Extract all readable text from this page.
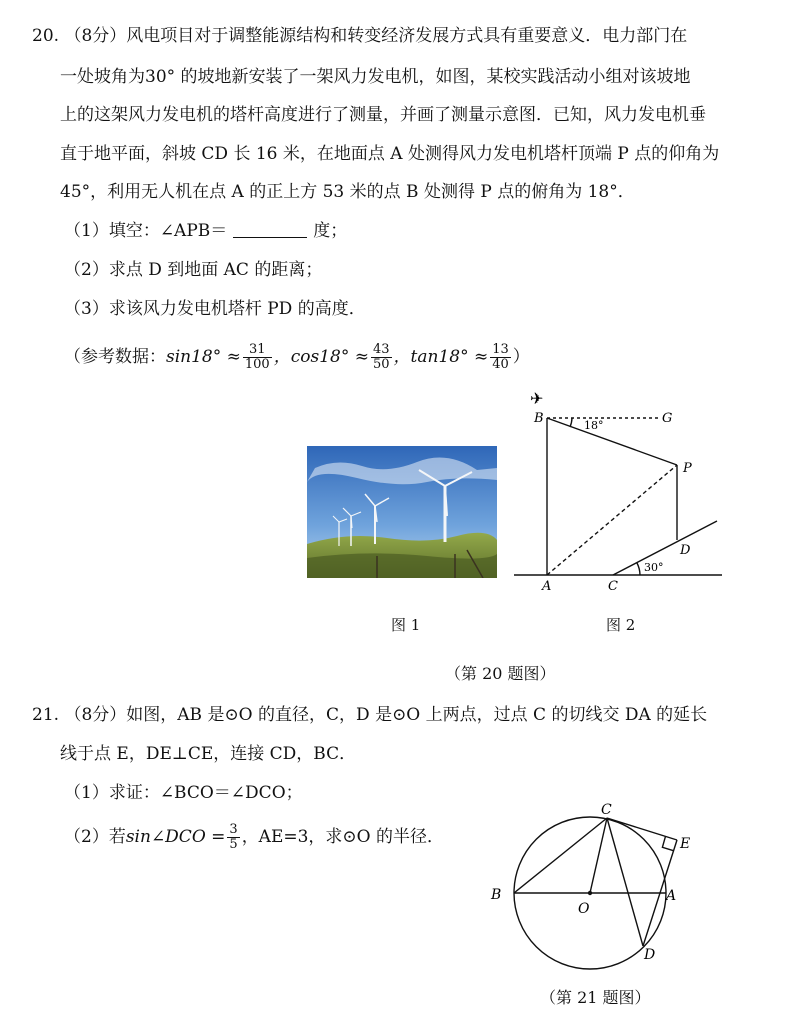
20. （8分）风电项目对于调整能源结构和转变经济发展方式具有重要意义．电力部门在
一处坡角为30° 的坡地新安装了一架风力发电机，如图，某校实践活动小组对该坡地
上的这架风力发电机的塔杆高度进行了测量，并画了测量示意图．已知，风力发电机垂
直于地平面，斜坡 CD 长 16 米，在地面点 A 处测得风力发电机塔杆顶端 P 点的仰角为
45°，利用无人机在点 A 的正上方 53 米的点 B 处测得 P 点的俯角为 18°．
（1）填空：∠APB＝	度；
（2）求点 D 到地面 AC 的距离；
（3）求该风力发电机塔杆 PD 的高度．
（参考数据：$\sin 18^\circ \approx \frac{31}{100}$ ，$\cos 18^\circ \approx \frac{43}{50}$ ，$\tan 18^\circ \approx \frac{13}{40}$ ）
✈
B	G
18°
P
D
A	C
30°
图 1	图 2
（第 20 题图）
21. （8分）如图，AB 是⊙O 的直径，C，D 是⊙O 上两点，过点 C 的切线交 DA 的延长
线于点 E，DE⊥CE，连接 CD，BC．
（1）求证：∠BCO＝∠DCO；
（2）若sin∠DCO = $\frac{3}{5}$ ，AE=3，求⊙O 的半径．
C
E
B
O
A
D
（第 21 题图）
